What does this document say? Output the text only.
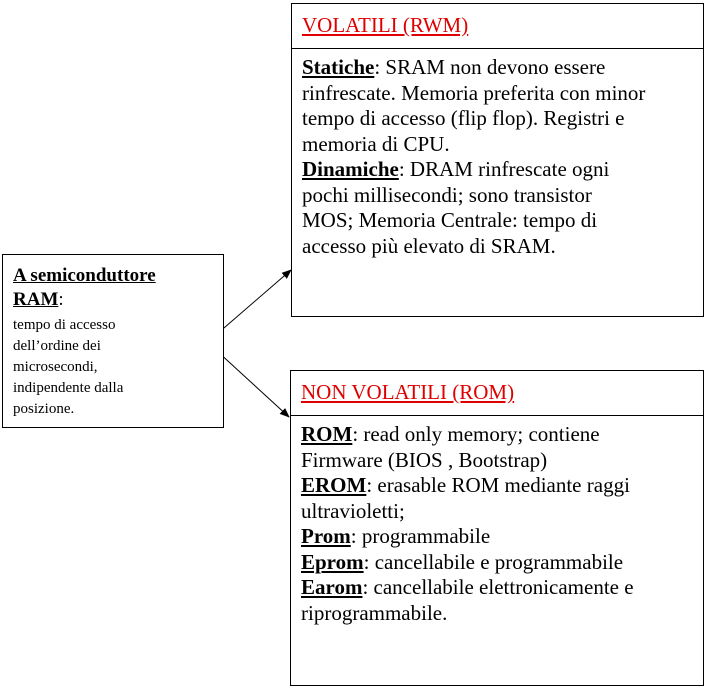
A semiconduttore
RAM:
tempo di accesso
dell’ordine dei
microsecondi,
indipendente dalla
posizione.
VOLATILI (RWM)
Statiche: SRAM non devono essere
rinfrescate. Memoria preferita con minor
tempo di accesso (flip flop). Registri e
memoria di CPU.
Dinamiche: DRAM rinfrescate ogni
pochi millisecondi; sono transistor
MOS; Memoria Centrale: tempo di
accesso più elevato di SRAM.
NON VOLATILI (ROM)
ROM: read only memory; contiene
Firmware (BIOS , Bootstrap)
EROM: erasable ROM mediante raggi
ultravioletti;
Prom: programmabile
Eprom: cancellabile e programmabile
Earom: cancellabile elettronicamente e
riprogrammabile.
